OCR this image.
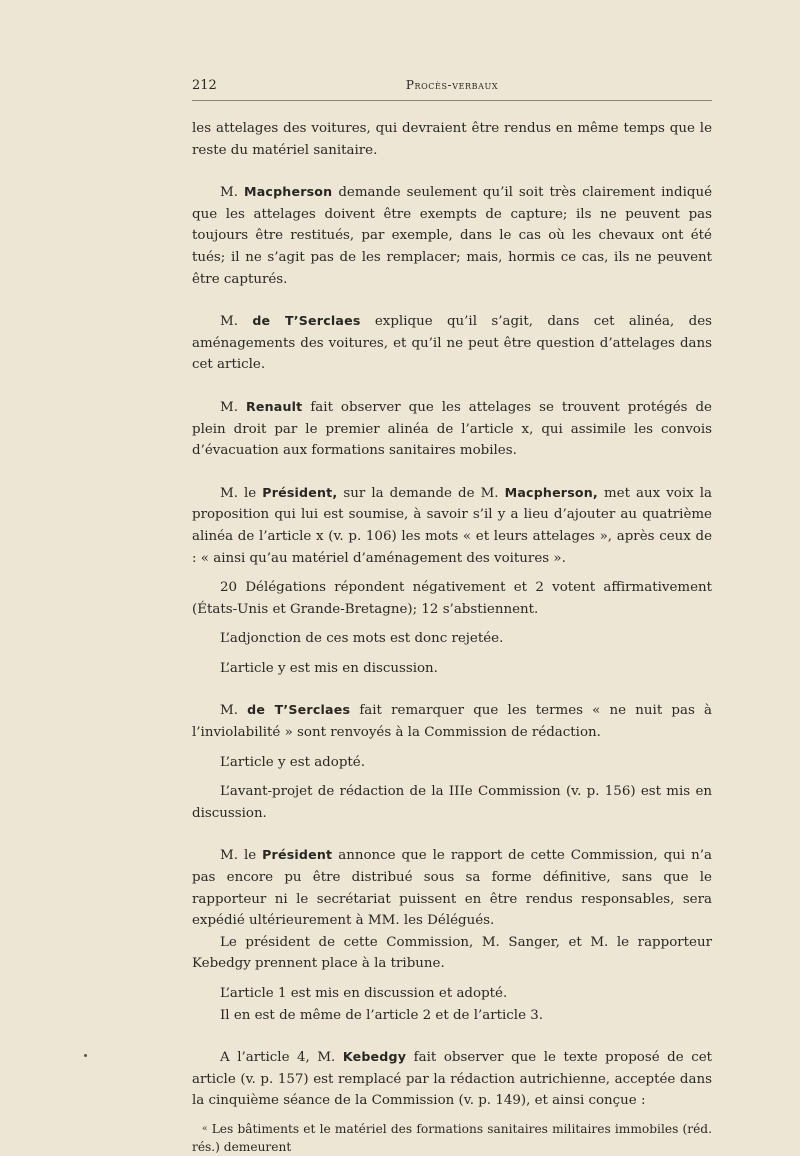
212	Procès-verbaux

les attelages des voitures, qui devraient être rendus en même temps que le reste du matériel sanitaire.

M. Macpherson demande seulement qu’il soit très clairement indiqué que les attelages doivent être exempts de capture; ils ne peuvent pas toujours être restitués, par exemple, dans le cas où les chevaux ont été tués; il ne s’agit pas de les remplacer; mais, hormis ce cas, ils ne peuvent être capturés.

M. de T’Serclaes explique qu’il s’agit, dans cet alinéa, des aménagements des voitures, et qu’il ne peut être question d’attelages dans cet article.

M. Renault fait observer que les attelages se trouvent protégés de plein droit par le premier alinéa de l’article x, qui assimile les convois d’évacuation aux formations sanitaires mobiles.

M. le Président, sur la demande de M. Macpherson, met aux voix la proposition qui lui est soumise, à savoir s’il y a lieu d’ajouter au quatrième alinéa de l’article x (v. p. 106) les mots « et leurs attelages », après ceux de : « ainsi qu’au matériel d’aménagement des voitures ».

20 Délégations répondent négativement et 2 votent affirmativement (États-Unis et Grande-Bretagne); 12 s’abstiennent.

L’adjonction de ces mots est donc rejetée.

L’article y est mis en discussion.

M. de T’Serclaes fait remarquer que les termes « ne nuit pas à l’inviolabilité » sont renvoyés à la Commission de rédaction.

L’article y est adopté.

L’avant-projet de rédaction de la IIIe Commission (v. p. 156) est mis en discussion.

M. le Président annonce que le rapport de cette Commission, qui n’a pas encore pu être distribué sous sa forme définitive, sans que le rapporteur ni le secrétariat puissent en être rendus responsables, sera expédié ultérieurement à MM. les Délégués.

Le président de cette Commission, M. Sanger, et M. le rapporteur Kebedgy prennent place à la tribune.

L’article 1 est mis en discussion et adopté.

Il en est de même de l’article 2 et de l’article 3.

A l’article 4, M. Kebedgy fait observer que le texte proposé de cet article (v. p. 157) est remplacé par la rédaction autrichienne, acceptée dans la cinquième séance de la Commission (v. p. 149), et ainsi conçue :

« Les bâtiments et le matériel des formations sanitaires militaires immobiles (réd. rés.) demeurent
